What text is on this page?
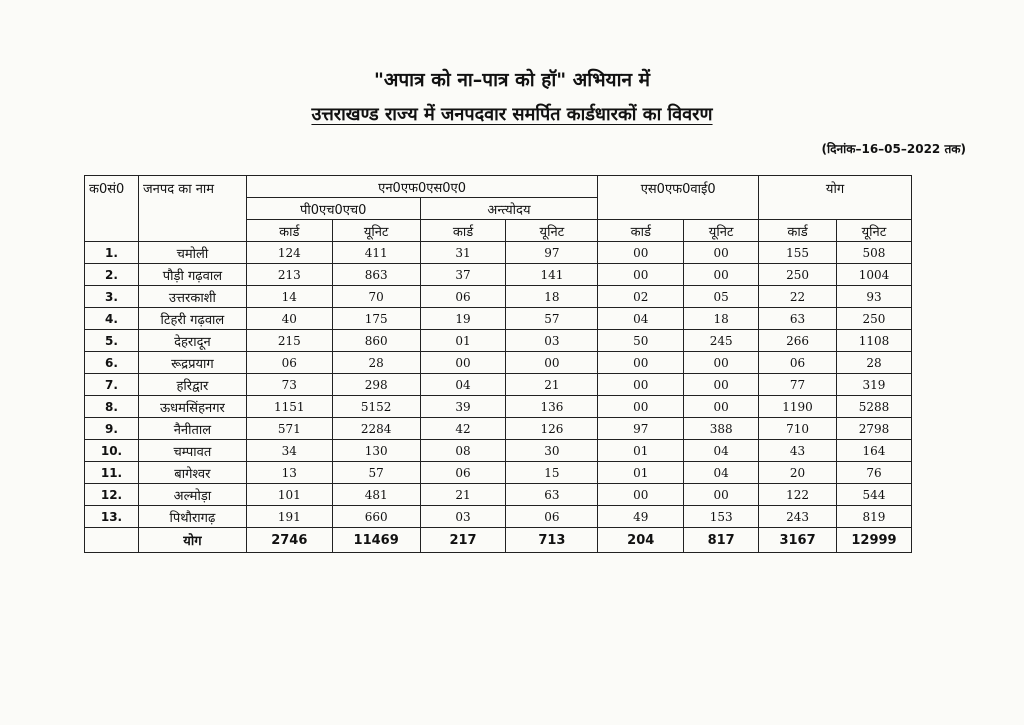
"अपात्र को ना–पात्र को हॉ" अभियान में
उत्तराखण्ड राज्य में जनपदवार समर्पित कार्डधारकों का विवरण
(दिनांक–16–05–2022 तक)
क0सं0	जनपद का नाम	एन0एफ0एस0ए0				एस0एफ0वाई0		योग	
		पी0एच0एच0		अन्त्योदय					
		कार्ड	यूनिट	कार्ड	यूनिट	कार्ड	यूनिट	कार्ड	यूनिट
1.	चमोली	124	411	31	97	00	00	155	508
2.	पौड़ी गढ़वाल	213	863	37	141	00	00	250	1004
3.	उत्तरकाशी	14	70	06	18	02	05	22	93
4.	टिहरी गढ़वाल	40	175	19	57	04	18	63	250
5.	देहरादून	215	860	01	03	50	245	266	1108
6.	रूद्रप्रयाग	06	28	00	00	00	00	06	28
7.	हरिद्वार	73	298	04	21	00	00	77	319
8.	ऊधमसिंहनगर	1151	5152	39	136	00	00	1190	5288
9.	नैनीताल	571	2284	42	126	97	388	710	2798
10.	चम्पावत	34	130	08	30	01	04	43	164
11.	बागेश्वर	13	57	06	15	01	04	20	76
12.	अल्मोड़ा	101	481	21	63	00	00	122	544
13.	पिथौरागढ़	191	660	03	06	49	153	243	819
	योग	2746	11469	217	713	204	817	3167	12999
